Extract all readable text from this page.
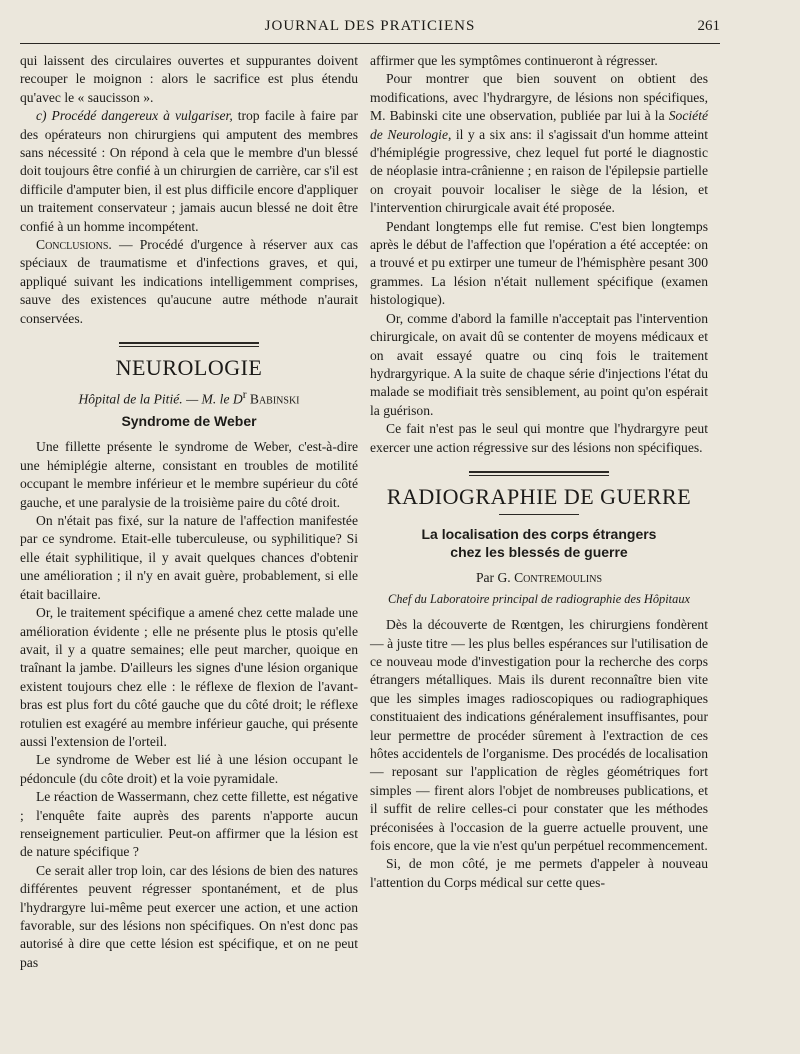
JOURNAL DES PRATICIENS	261

qui laissent des circulaires ouvertes et suppurantes doivent recouper le moignon : alors le sacrifice est plus étendu qu'avec le « saucisson ».

c) Procédé dangereux à vulgariser, trop facile à faire par des opérateurs non chirurgiens qui amputent des membres sans nécessité : On répond à cela que le membre d'un blessé doit toujours être confié à un chirurgien de carrière, car s'il est difficile d'amputer bien, il est plus difficile encore d'appliquer un traitement conservateur ; jamais aucun blessé ne doit être confié à un homme incompétent.

Conclusions. — Procédé d'urgence à réserver aux cas spéciaux de traumatisme et d'infections graves, et qui, appliqué suivant les indications intelligemment comprises, sauve des existences qu'aucune autre méthode n'aurait conservées.

NEUROLOGIE
Hôpital de la Pitié. — M. le $D^r$ Babinski
Syndrome de Weber

Une fillette présente le syndrome de Weber, c'est-à-dire une hémiplégie alterne, consistant en troubles de motilité occupant le membre inférieur et le membre supérieur du côté gauche, et une paralysie de la troisième paire du côté droit.

On n'était pas fixé, sur la nature de l'affection manifestée par ce syndrome. Etait-elle tuberculeuse, ou syphilitique? Si elle était syphilitique, il y avait quelques chances d'obtenir une amélioration ; il n'y en avait guère, probablement, si elle était bacillaire.

Or, le traitement spécifique a amené chez cette malade une amélioration évidente ; elle ne présente plus le ptosis qu'elle avait, il y a quatre semaines; elle peut marcher, quoique en traînant la jambe. D'ailleurs les signes d'une lésion organique existent toujours chez elle : le réflexe de flexion de l'avant-bras est plus fort du côté gauche que du côté droit; le réflexe rotulien est exagéré au membre inférieur gauche, qui présente aussi l'extension de l'orteil.

Le syndrome de Weber est lié à une lésion occupant le pédoncule (du côte droit) et la voie pyramidale.

Le réaction de Wassermann, chez cette fillette, est négative ; l'enquête faite auprès des parents n'apporte aucun renseignement particulier. Peut-on affirmer que la lésion est de nature spécifique ?

Ce serait aller trop loin, car des lésions de bien des natures différentes peuvent régresser spontanément, et de plus l'hydrargyre lui-même peut exercer une action, et une action favorable, sur des lésions non spécifiques. On n'est donc pas autorisé à dire que cette lésion est spécifique, et on ne peut pas

affirmer que les symptômes continueront à régresser.

Pour montrer que bien souvent on obtient des modifications, avec l'hydrargyre, de lésions non spécifiques, M. Babinski cite une observation, publiée par lui à la Société de Neurologie, il y a six ans: il s'agissait d'un homme atteint d'hémiplégie progressive, chez lequel fut porté le diagnostic de néoplasie intra-crânienne ; en raison de l'épilepsie partielle on croyait pouvoir localiser le siège de la lésion, et l'intervention chirurgicale avait été proposée.

Pendant longtemps elle fut remise. C'est bien longtemps après le début de l'affection que l'opération a été acceptée: on a trouvé et pu extirper une tumeur de l'hémisphère pesant 300 grammes. La lésion n'était nullement spécifique (examen histologique).

Or, comme d'abord la famille n'acceptait pas l'intervention chirurgicale, on avait dû se contenter de moyens médicaux et on avait essayé quatre ou cinq fois le traitement hydrargyrique. A la suite de chaque série d'injections l'état du malade se modifiait très sensiblement, au point qu'on espérait la guérison.

Ce fait n'est pas le seul qui montre que l'hydrargyre peut exercer une action régressive sur des lésions non spécifiques.

RADIOGRAPHIE DE GUERRE
La localisation des corps étrangers
chez les blessés de guerre
Par G. Contremoulins
Chef du Laboratoire principal de radiographie des Hôpitaux

Dès la découverte de Rœntgen, les chirurgiens fondèrent — à juste titre — les plus belles espérances sur l'utilisation de ce nouveau mode d'investigation pour la recherche des corps étrangers métalliques. Mais ils durent reconnaître bien vite que les simples images radioscopiques ou radiographiques constituaient des indications généralement insuffisantes, pour leur permettre de procéder sûrement à l'extraction de ces hôtes accidentels de l'organisme. Des procédés de localisation — reposant sur l'application de règles géométriques fort simples — firent alors l'objet de nombreuses publications, et il suffit de relire celles-ci pour constater que les méthodes préconisées à l'occasion de la guerre actuelle prouvent, une fois encore, que la vie n'est qu'un perpétuel recommencement.

Si, de mon côté, je me permets d'appeler à nouveau l'attention du Corps médical sur cette ques-
